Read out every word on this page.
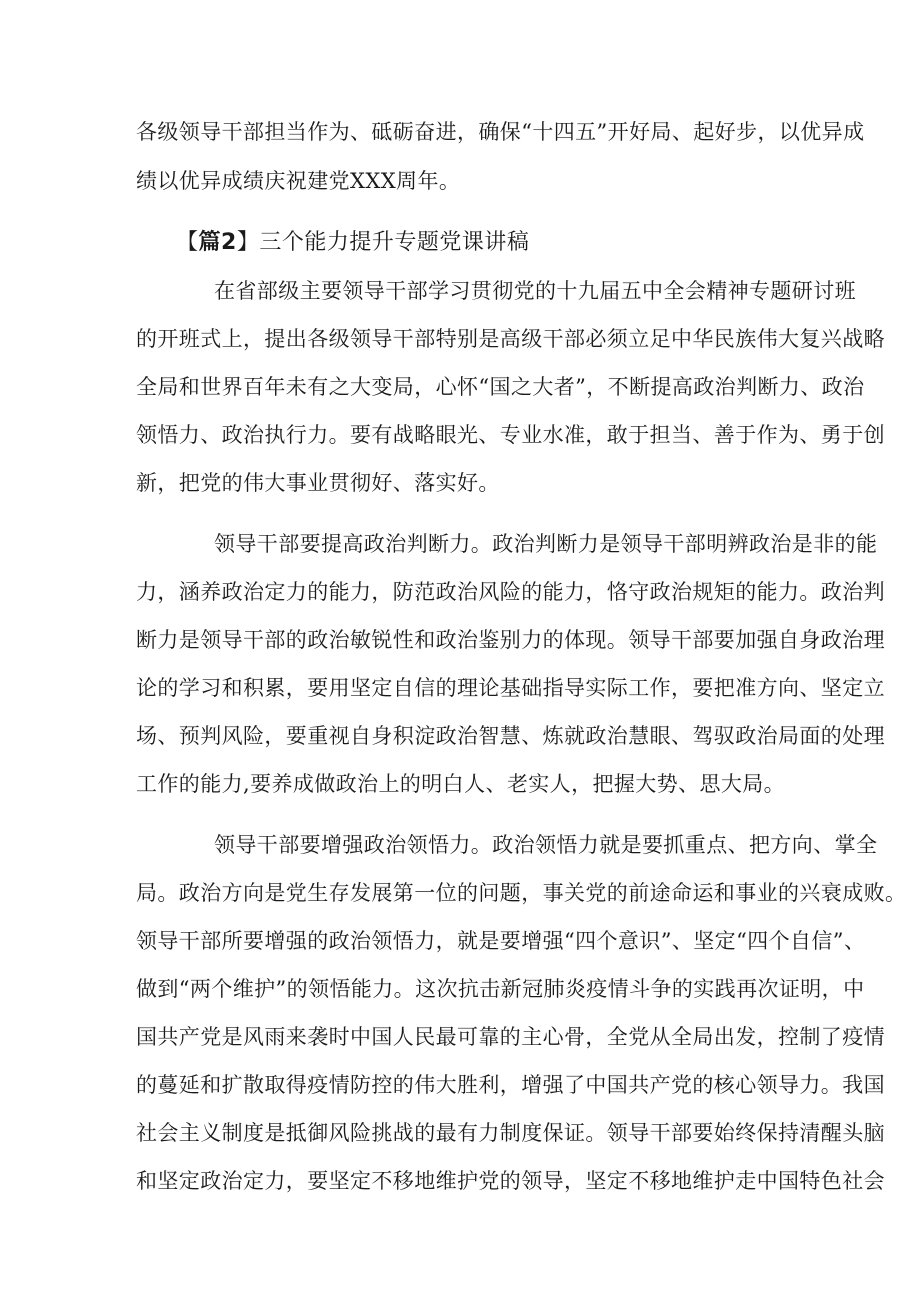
各级领导干部担当作为、砥砺奋进，确保“十四五”开好局、起好步，以优异成
绩以优异成绩庆祝建党XXX周年。
【篇2】三个能力提升专题党课讲稿
在省部级主要领导干部学习贯彻党的十九届五中全会精神专题研讨班
的开班式上，提出各级领导干部特别是高级干部必须立足中华民族伟大复兴战略
全局和世界百年未有之大变局，心怀“国之大者”，不断提高政治判断力、政治
领悟力、政治执行力。要有战略眼光、专业水准，敢于担当、善于作为、勇于创
新，把党的伟大事业贯彻好、落实好。
领导干部要提高政治判断力。政治判断力是领导干部明辨政治是非的能
力，涵养政治定力的能力，防范政治风险的能力，恪守政治规矩的能力。政治判
断力是领导干部的政治敏锐性和政治鉴别力的体现。领导干部要加强自身政治理
论的学习和积累，要用坚定自信的理论基础指导实际工作，要把准方向、坚定立
场、预判风险，要重视自身积淀政治智慧、炼就政治慧眼、驾驭政治局面的处理
工作的能力,要养成做政治上的明白人、老实人，把握大势、思大局。
领导干部要增强政治领悟力。政治领悟力就是要抓重点、把方向、掌全
局。政治方向是党生存发展第一位的问题，事关党的前途命运和事业的兴衰成败。
领导干部所要增强的政治领悟力，就是要增强“四个意识”、坚定“四个自信”、
做到“两个维护”的领悟能力。这次抗击新冠肺炎疫情斗争的实践再次证明，中
国共产党是风雨来袭时中国人民最可靠的主心骨，全党从全局出发，控制了疫情
的蔓延和扩散取得疫情防控的伟大胜利，增强了中国共产党的核心领导力。我国
社会主义制度是抵御风险挑战的最有力制度保证。领导干部要始终保持清醒头脑
和坚定政治定力，要坚定不移地维护党的领导，坚定不移地维护走中国特色社会
